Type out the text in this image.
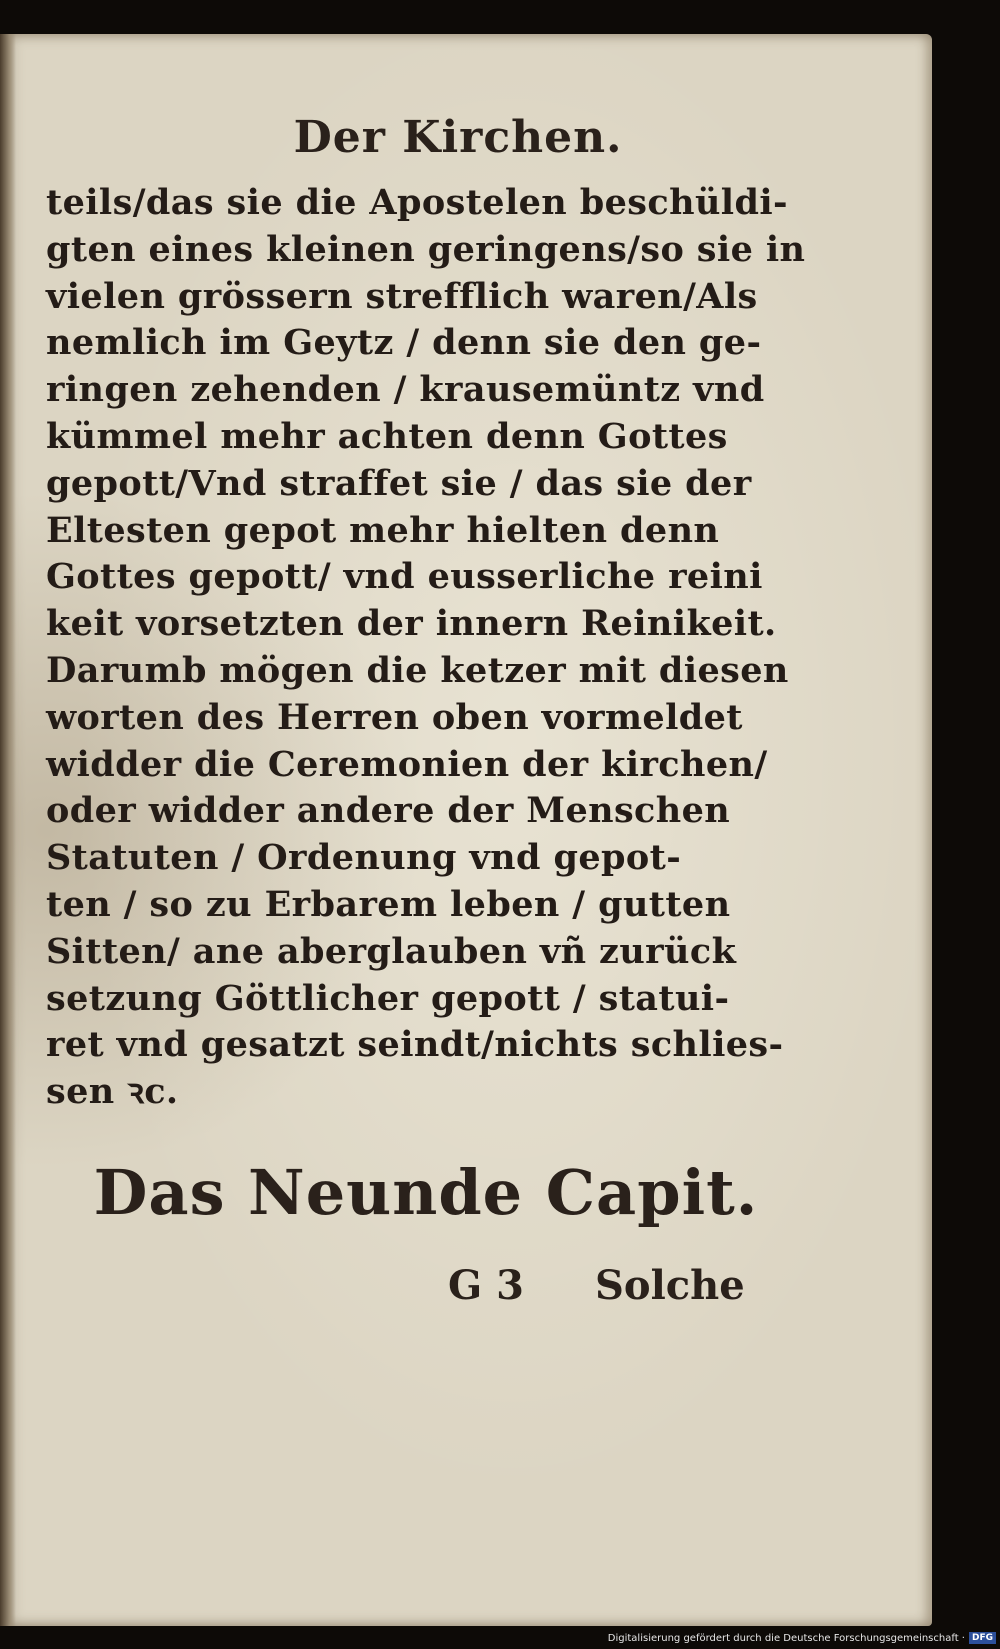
Der Kirchen.
teils/das sie die Apostelen beschüldi-
gten eines kleinen geringens/so sie in
vielen grössern strefflich waren/Als
nemlich im Geytz / denn sie den ge-
ringen zehenden / krausemüntz vnd
kümmel mehr achten denn Gottes
gepott/Vnd straffet sie / das sie der
Eltesten gepot mehr hielten denn
Gottes gepott/ vnd eusserliche reini
keit vorsetzten der innern Reinikeit.
Darumb mögen die ketzer mit diesen
worten des Herren oben vormeldet
widder die Ceremonien der kirchen/
oder widder andere der Menschen
Statuten / Ordenung vnd gepot-
ten / so zu Erbarem leben / gutten
Sitten/ ane aberglauben vñ zurück
setzung Göttlicher gepott / statui-
ret vnd gesatzt seindt/nichts schlies-
sen ꝛc.
Das Neunde Capit.
G 3 Solche
Digitalisierung gefördert durch die Deutsche Forschungsgemeinschaft · DFG
